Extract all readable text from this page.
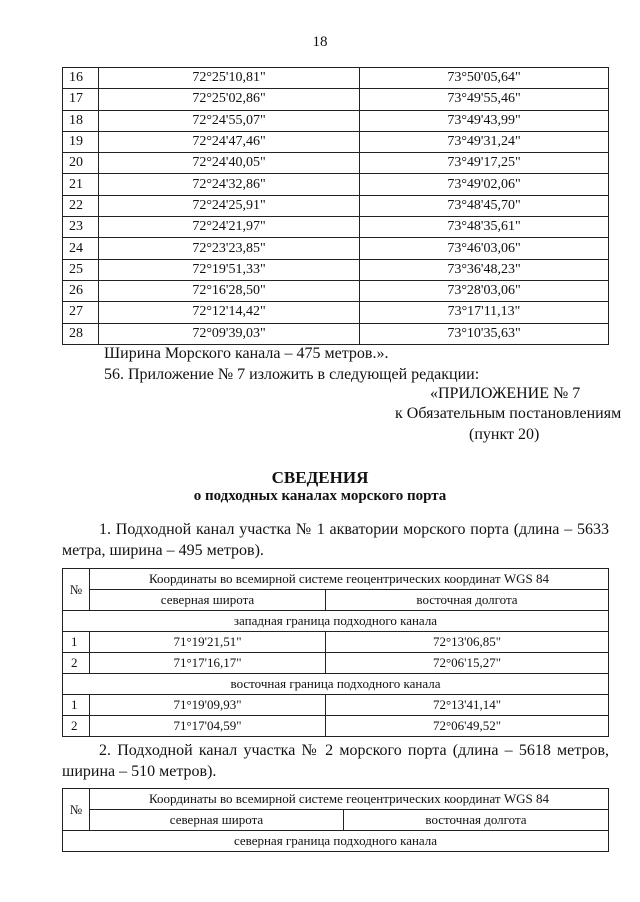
18
16	72°25'10,81"	73°50'05,64"
17	72°25'02,86"	73°49'55,46"
18	72°24'55,07"	73°49'43,99"
19	72°24'47,46"	73°49'31,24"
20	72°24'40,05"	73°49'17,25"
21	72°24'32,86"	73°49'02,06"
22	72°24'25,91"	73°48'45,70"
23	72°24'21,97"	73°48'35,61"
24	72°23'23,85"	73°46'03,06"
25	72°19'51,33"	73°36'48,23"
26	72°16'28,50"	73°28'03,06"
27	72°12'14,42"	73°17'11,13"
28	72°09'39,03"	73°10'35,63"
Ширина Морского канала – 475 метров.».
56. Приложение № 7 изложить в следующей редакции:
«ПРИЛОЖЕНИЕ № 7
к Обязательным постановлениям
(пункт 20)
СВЕДЕНИЯ
о подходных каналах морского порта
1. Подходной канал участка № 1 акватории морского порта (длина – 5633 метра, ширина – 495 метров).
№	Координаты во всемирной системе геоцентрических координат WGS 84	
	северная широта	восточная долгота
западная граница подходного канала		
1	71°19'21,51"	72°13'06,85"
2	71°17'16,17"	72°06'15,27"
восточная граница подходного канала		
1	71°19'09,93"	72°13'41,14"
2	71°17'04,59"	72°06'49,52"
2. Подходной канал участка № 2 морского порта (длина – 5618 метров, ширина – 510 метров).
№	Координаты во всемирной системе геоцентрических координат WGS 84	
	северная широта	восточная долгота
северная граница подходного канала		
